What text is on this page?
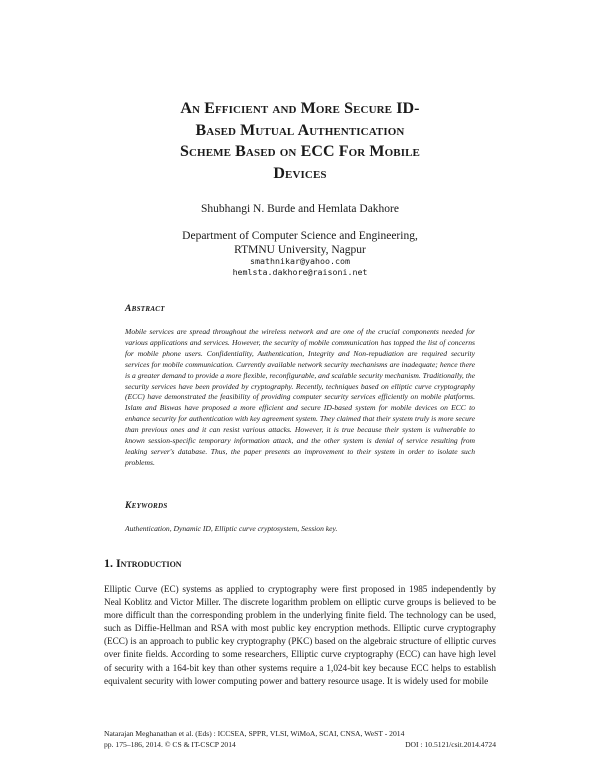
An Efficient and More Secure ID-
Based Mutual Authentication
Scheme Based on ECC For Mobile
Devices
Shubhangi N. Burde and Hemlata Dakhore
Department of Computer Science and Engineering,
RTMNU University, Nagpur
smathnikar@yahoo.com
hemlsta.dakhore@raisoni.net
Abstract
Mobile services are spread throughout the wireless network and are one of the crucial components needed for various applications and services. However, the security of mobile communication has topped the list of concerns for mobile phone users. Confidentiality, Authentication, Integrity and Non-repudiation are required security services for mobile communication. Currently available network security mechanisms are inadequate; hence there is a greater demand to provide a more flexible, reconfigurable, and scalable security mechanism. Traditionally, the security services have been provided by cryptography. Recently, techniques based on elliptic curve cryptography (ECC) have demonstrated the feasibility of providing computer security services efficiently on mobile platforms. Islam and Biswas have proposed a more efficient and secure ID-based system for mobile devices on ECC to enhance security for authentication with key agreement system. They claimed that their system truly is more secure than previous ones and it can resist various attacks. However, it is true because their system is vulnerable to known session-specific temporary information attack, and the other system is denial of service resulting from leaking server's database. Thus, the paper presents an improvement to their system in order to isolate such problems.
Keywords
Authentication, Dynamic ID, Elliptic curve cryptosystem, Session key.
1. Introduction
Elliptic Curve (EC) systems as applied to cryptography were first proposed in 1985 independently by Neal Koblitz and Victor Miller. The discrete logarithm problem on elliptic curve groups is believed to be more difficult than the corresponding problem in the underlying finite field. The technology can be used, such as Diffie-Hellman and RSA with most public key encryption methods. Elliptic curve cryptography (ECC) is an approach to public key cryptography (PKC) based on the algebraic structure of elliptic curves over finite fields. According to some researchers, Elliptic curve cryptography (ECC) can have high level of security with a 164-bit key than other systems require a 1,024-bit key because ECC helps to establish equivalent security with lower computing power and battery resource usage. It is widely used for mobile
Natarajan Meghanathan et al. (Eds) : ICCSEA, SPPR, VLSI, WiMoA, SCAI, CNSA, WeST - 2014
pp. 175–186, 2014. © CS & IT-CSCP 2014	DOI : 10.5121/csit.2014.4724
